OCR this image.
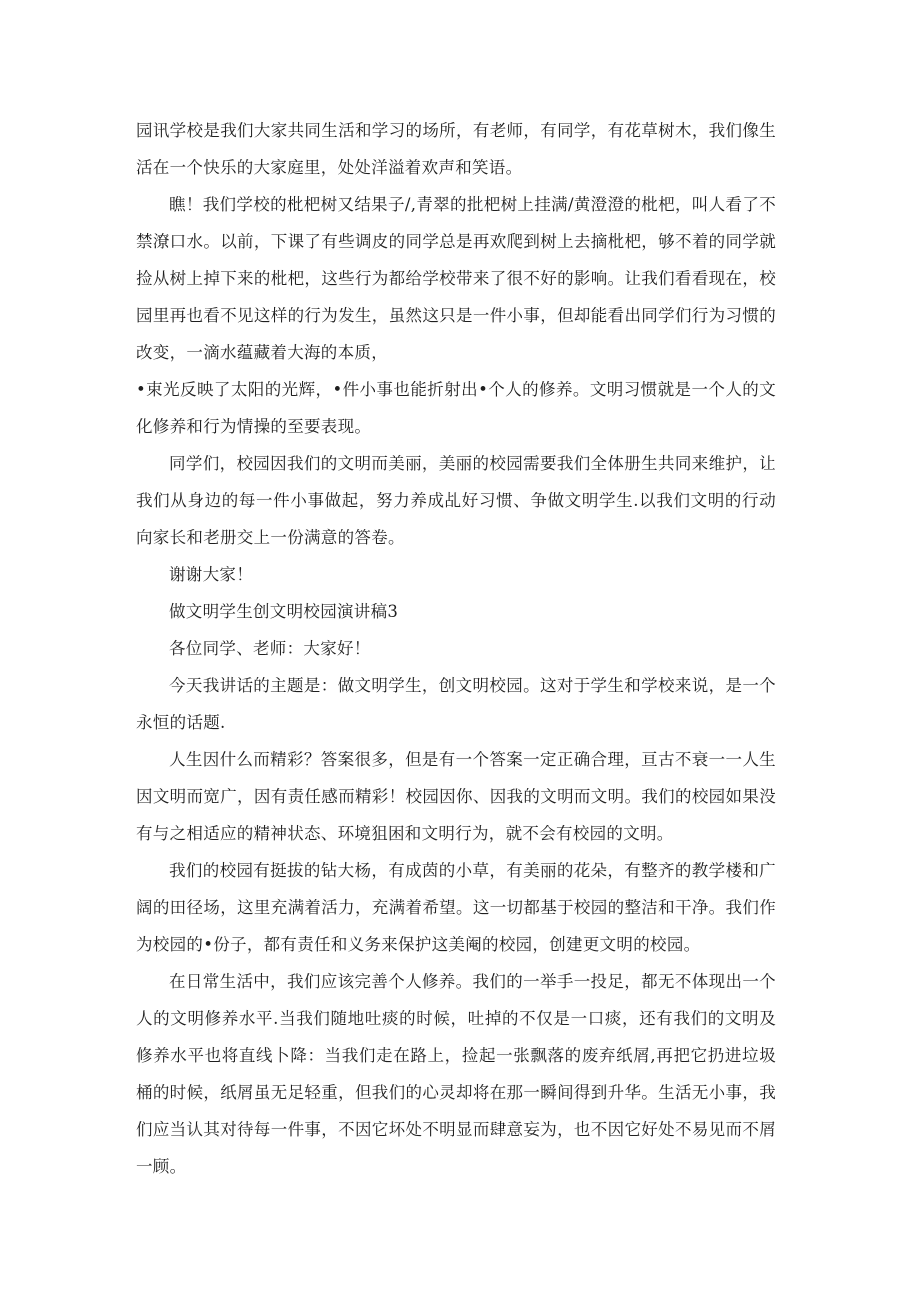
园讯学校是我们大家共同生活和学习的场所，有老师，有同学，有花草树木，我们像生活在一个快乐的大家庭里，处处洋溢着欢声和笑语。

瞧！我们学校的枇杷树又结果子/,青翠的批杷树上挂满/黄澄澄的枇杷，叫人看了不禁潦口水。以前，下课了有些调皮的同学总是再欢爬到树上去摘枇杷，够不着的同学就捡从树上掉下来的枇杷，这些行为都给学校带来了很不好的影响。让我们看看现在，校园里再也看不见这样的行为发生，虽然这只是一件小事，但却能看出同学们行为习惯的改变，一滴水蕴藏着大海的本质，

•束光反映了太阳的光辉，•件小事也能折射出•个人的修养。文明习惯就是一个人的文化修养和行为情操的至要表现。

同学们，校园因我们的文明而美丽，美丽的校园需要我们全体册生共同来维护，让我们从身边的每一件小事做起，努力养成乩好习惯、争做文明学生.以我们文明的行动向家长和老册交上一份满意的答卷。

谢谢大家！

做文明学生创文明校园演讲稿3

各位同学、老师：大家好！

今天我讲话的主题是：做文明学生，创文明校园。这对于学生和学校来说，是一个永恒的话题.

人生因什么而精彩？答案很多，但是有一个答案一定正确合理，亘古不衰一一人生因文明而宽广，因有责任感而精彩！校园因你、因我的文明而文明。我们的校园如果没有与之相适应的精神状态、环境狙困和文明行为，就不会有校园的文明。

我们的校园有挺拔的钻大杨，有成茵的小草，有美丽的花朵，有整齐的教学楼和广阔的田径场，这里充满着活力，充满着希望。这一切都基于校园的整洁和干净。我们作为校园的•份子，都有责任和义务来保护这美阉的校园，创建更文明的校园。

在日常生活中，我们应该完善个人修养。我们的一举手一投足，都无不体现出一个人的文明修养水平.当我们随地吐痰的时候，吐掉的不仅是一口痰，还有我们的文明及修养水平也将直线卜降：当我们走在路上，捡起一张飘落的废弃纸屑,再把它扔进垃圾桶的时候，纸屑虽无足轻重，但我们的心灵却将在那一瞬间得到升华。生活无小事，我们应当认其对待每一件事，不因它坏处不明显而肆意妄为，也不因它好处不易见而不屑一顾。
